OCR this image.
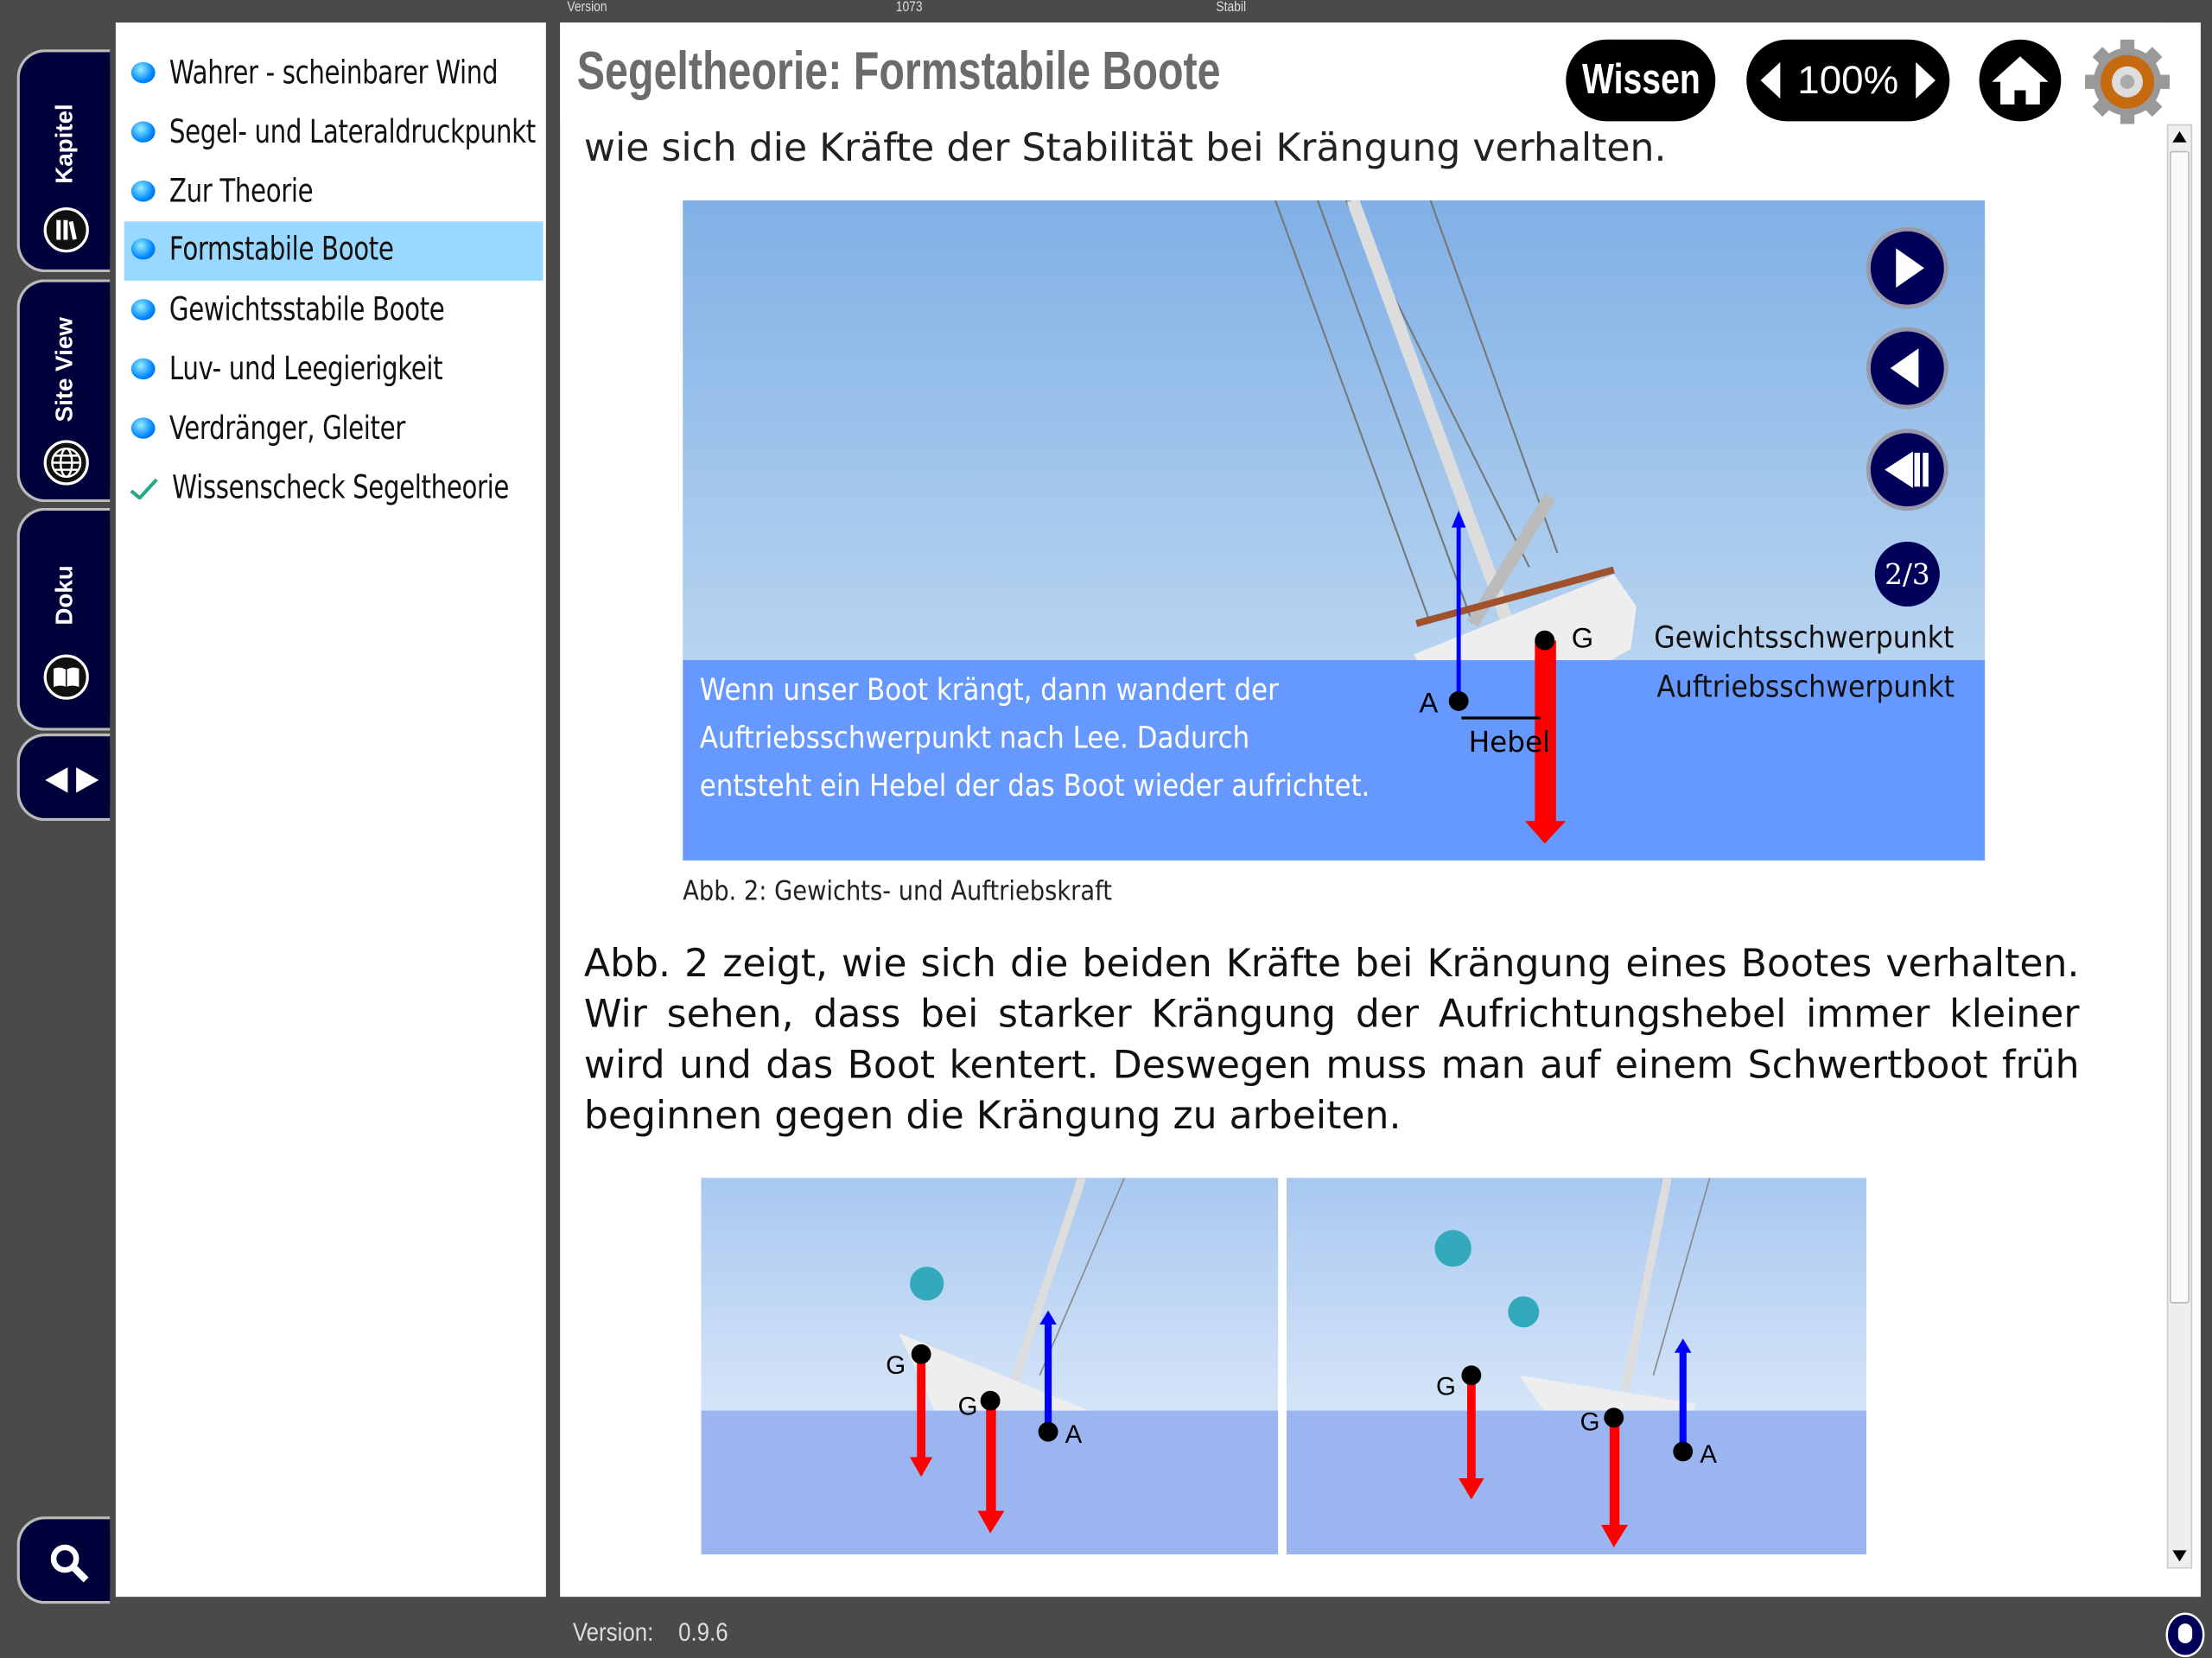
Version	1073	Stabil
Kapitel
Site View
Doku
Wahrer - scheinbarer Wind
Segel- und Lateraldruckpunkt
Zur Theorie
Formstabile Boote
Gewichtsstabile Boote
Luv- und Leegierigkeit
Verdränger, Gleiter
Wissenscheck Segeltheorie
Segeltheorie: Formstabile Boote	Wissen	100%
wie sich die Kräfte der Stabilität bei Krängung verhalten.
G
A
Hebel
Wenn unser Boot krängt, dann wandert der
Auftriebsschwerpunkt nach Lee. Dadurch
entsteht ein Hebel der das Boot wieder aufrichtet.
Gewichtsschwerpunkt
Auftriebsschwerpunkt
2/3
Abb. 2: Gewichts- und Auftriebskraft
Abb. 2 zeigt, wie sich die beiden Kräfte bei Krängung eines Bootes verhalten. Wir sehen, dass bei starker Krängung der Aufrichtungshebel immer kleiner wird und das Boot kentert. Deswegen muss man auf einem Schwertboot früh beginnen gegen die Krängung zu arbeiten.
G
G
A
G
G
A
Version: 0.9.6
